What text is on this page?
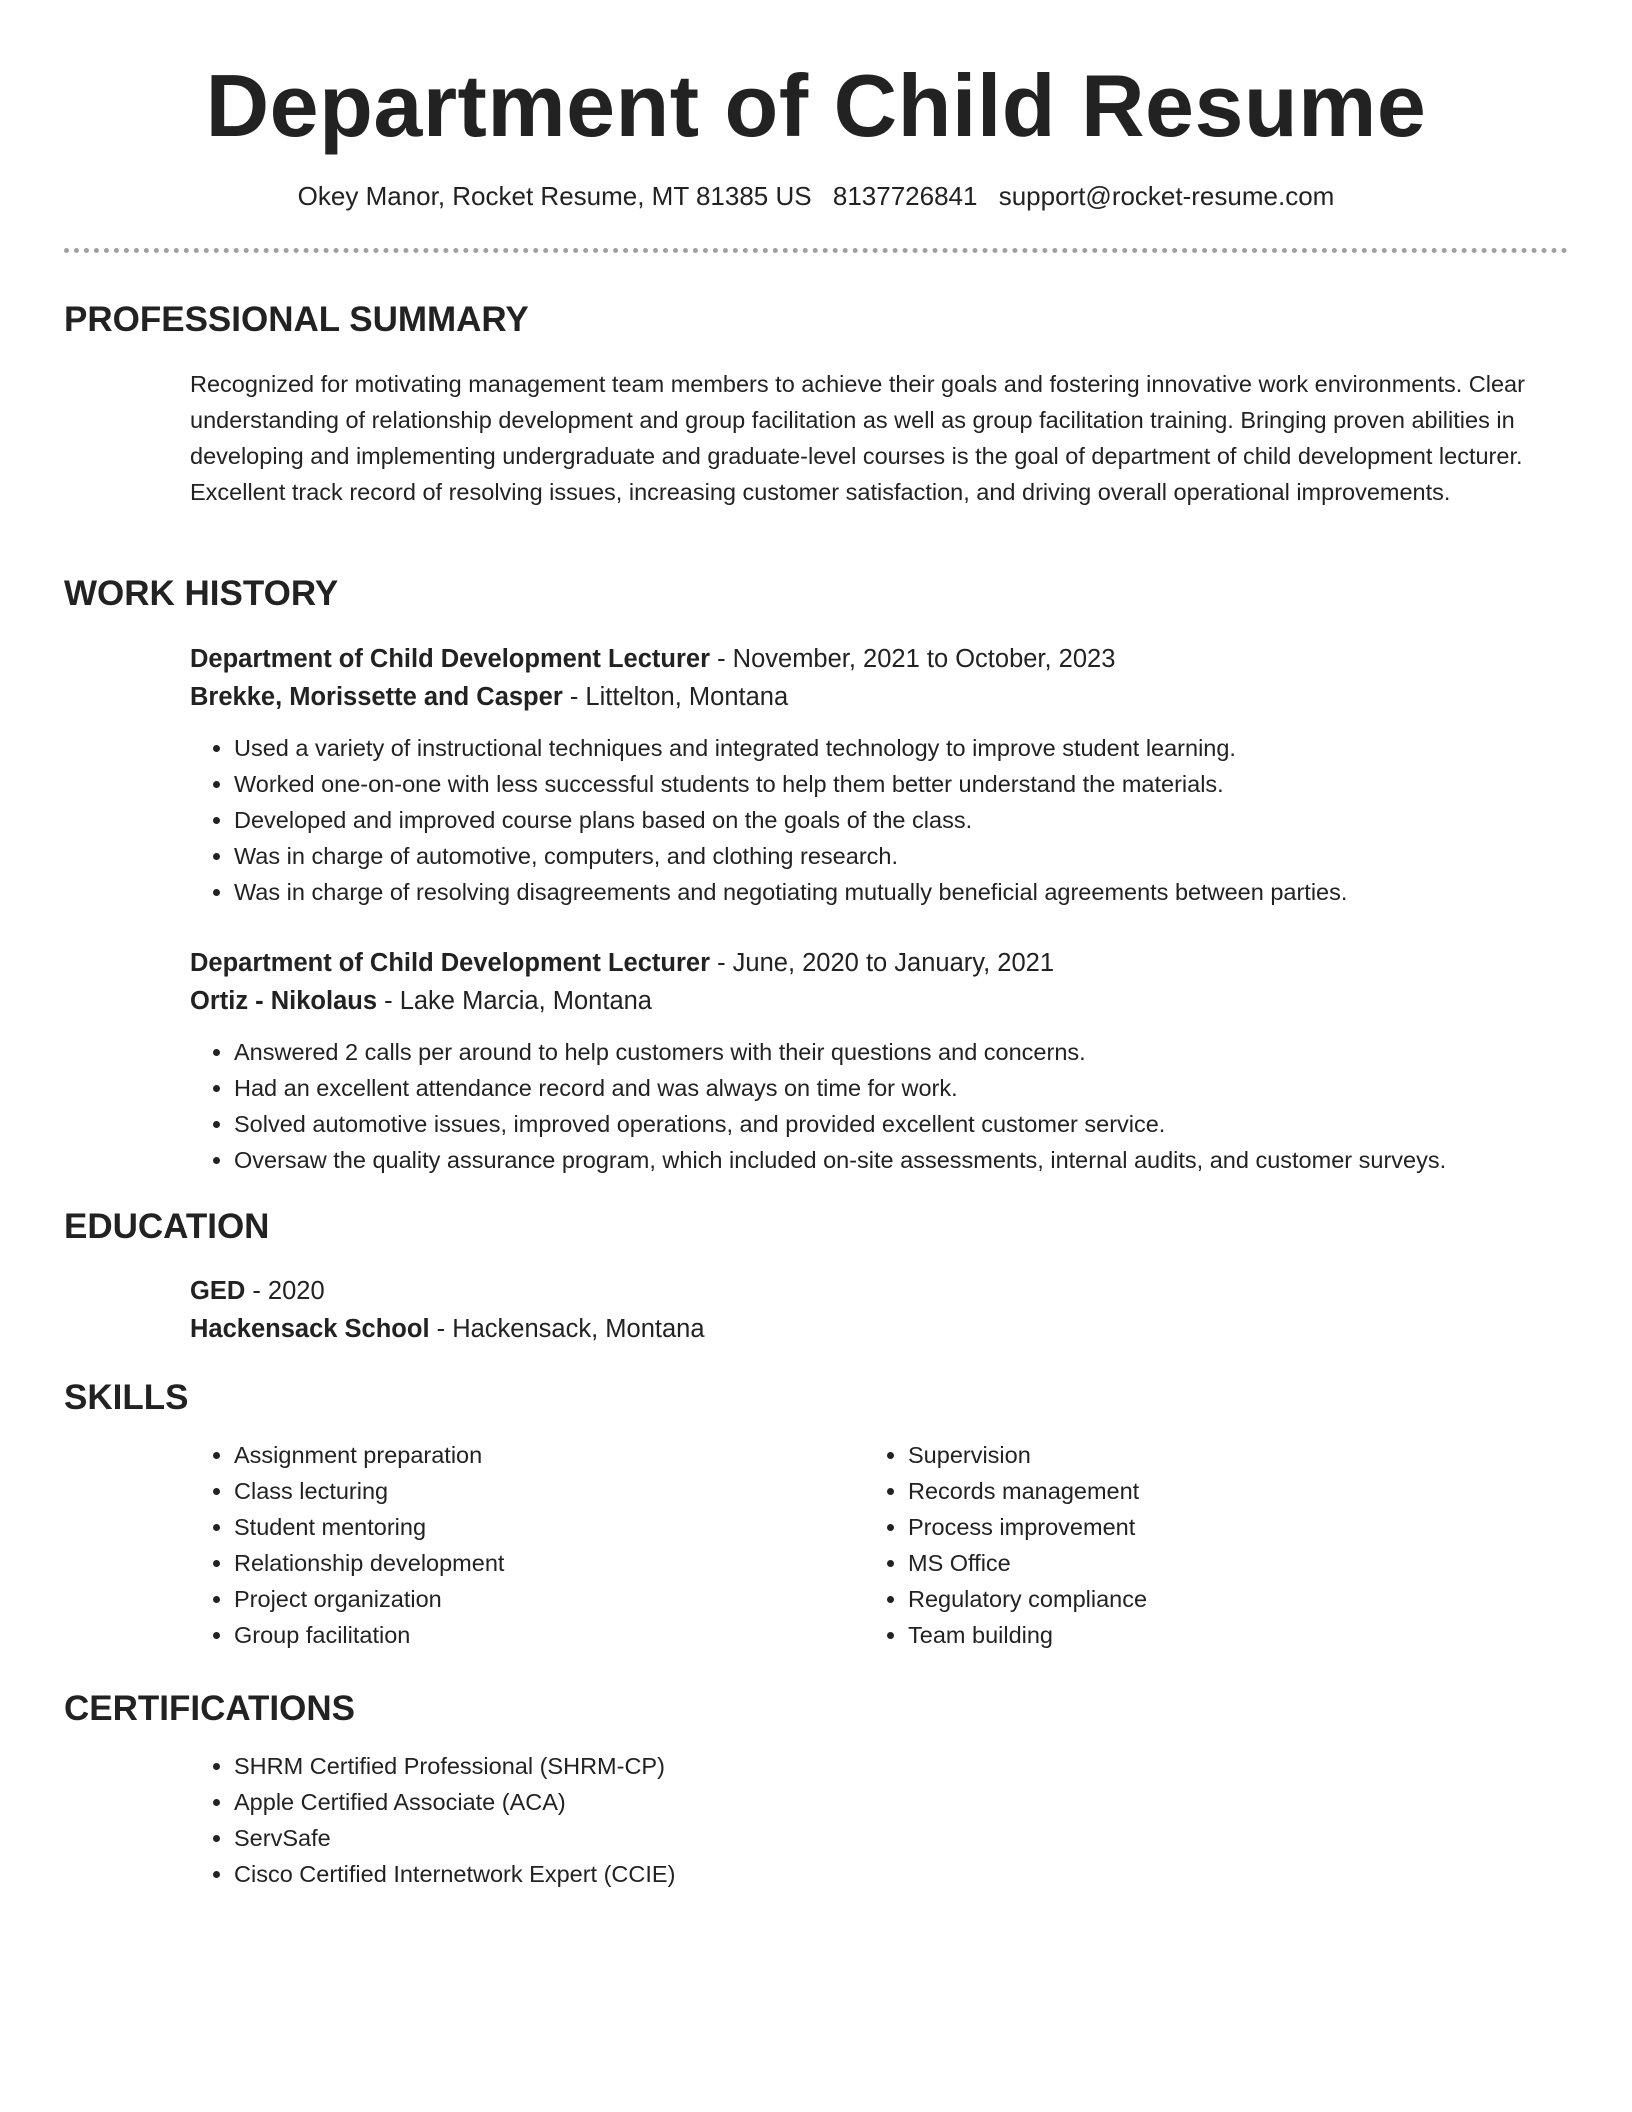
Department of Child Resume
Okey Manor, Rocket Resume, MT 81385 US 8137726841 support@rocket-resume.com
PROFESSIONAL SUMMARY

Recognized for motivating management team members to achieve their goals and fostering innovative work environments. Clear understanding of relationship development and group facilitation as well as group facilitation training. Bringing proven abilities in developing and implementing undergraduate and graduate-level courses is the goal of department of child development lecturer. Excellent track record of resolving issues, increasing customer satisfaction, and driving overall operational improvements.

WORK HISTORY

Department of Child Development Lecturer - November, 2021 to October, 2023

Brekke, Morissette and Casper - Littelton, Montana

• Used a variety of instructional techniques and integrated technology to improve student learning.
• Worked one-on-one with less successful students to help them better understand the materials.
• Developed and improved course plans based on the goals of the class.
• Was in charge of automotive, computers, and clothing research.
• Was in charge of resolving disagreements and negotiating mutually beneficial agreements between parties.

Department of Child Development Lecturer - June, 2020 to January, 2021

Ortiz - Nikolaus - Lake Marcia, Montana

• Answered 2 calls per around to help customers with their questions and concerns.
• Had an excellent attendance record and was always on time for work.
• Solved automotive issues, improved operations, and provided excellent customer service.
• Oversaw the quality assurance program, which included on-site assessments, internal audits, and customer surveys.
EDUCATION

GED - 2020

Hackensack School - Hackensack, Montana

SKILLS
• Assignment preparation
• Class lecturing
• Student mentoring
• Relationship development
• Project organization
• Group facilitation
• Supervision
• Records management
• Process improvement
• MS Office
• Regulatory compliance
• Team building
CERTIFICATIONS
• SHRM Certified Professional (SHRM-CP)
• Apple Certified Associate (ACA)
• ServSafe
• Cisco Certified Internetwork Expert (CCIE)
